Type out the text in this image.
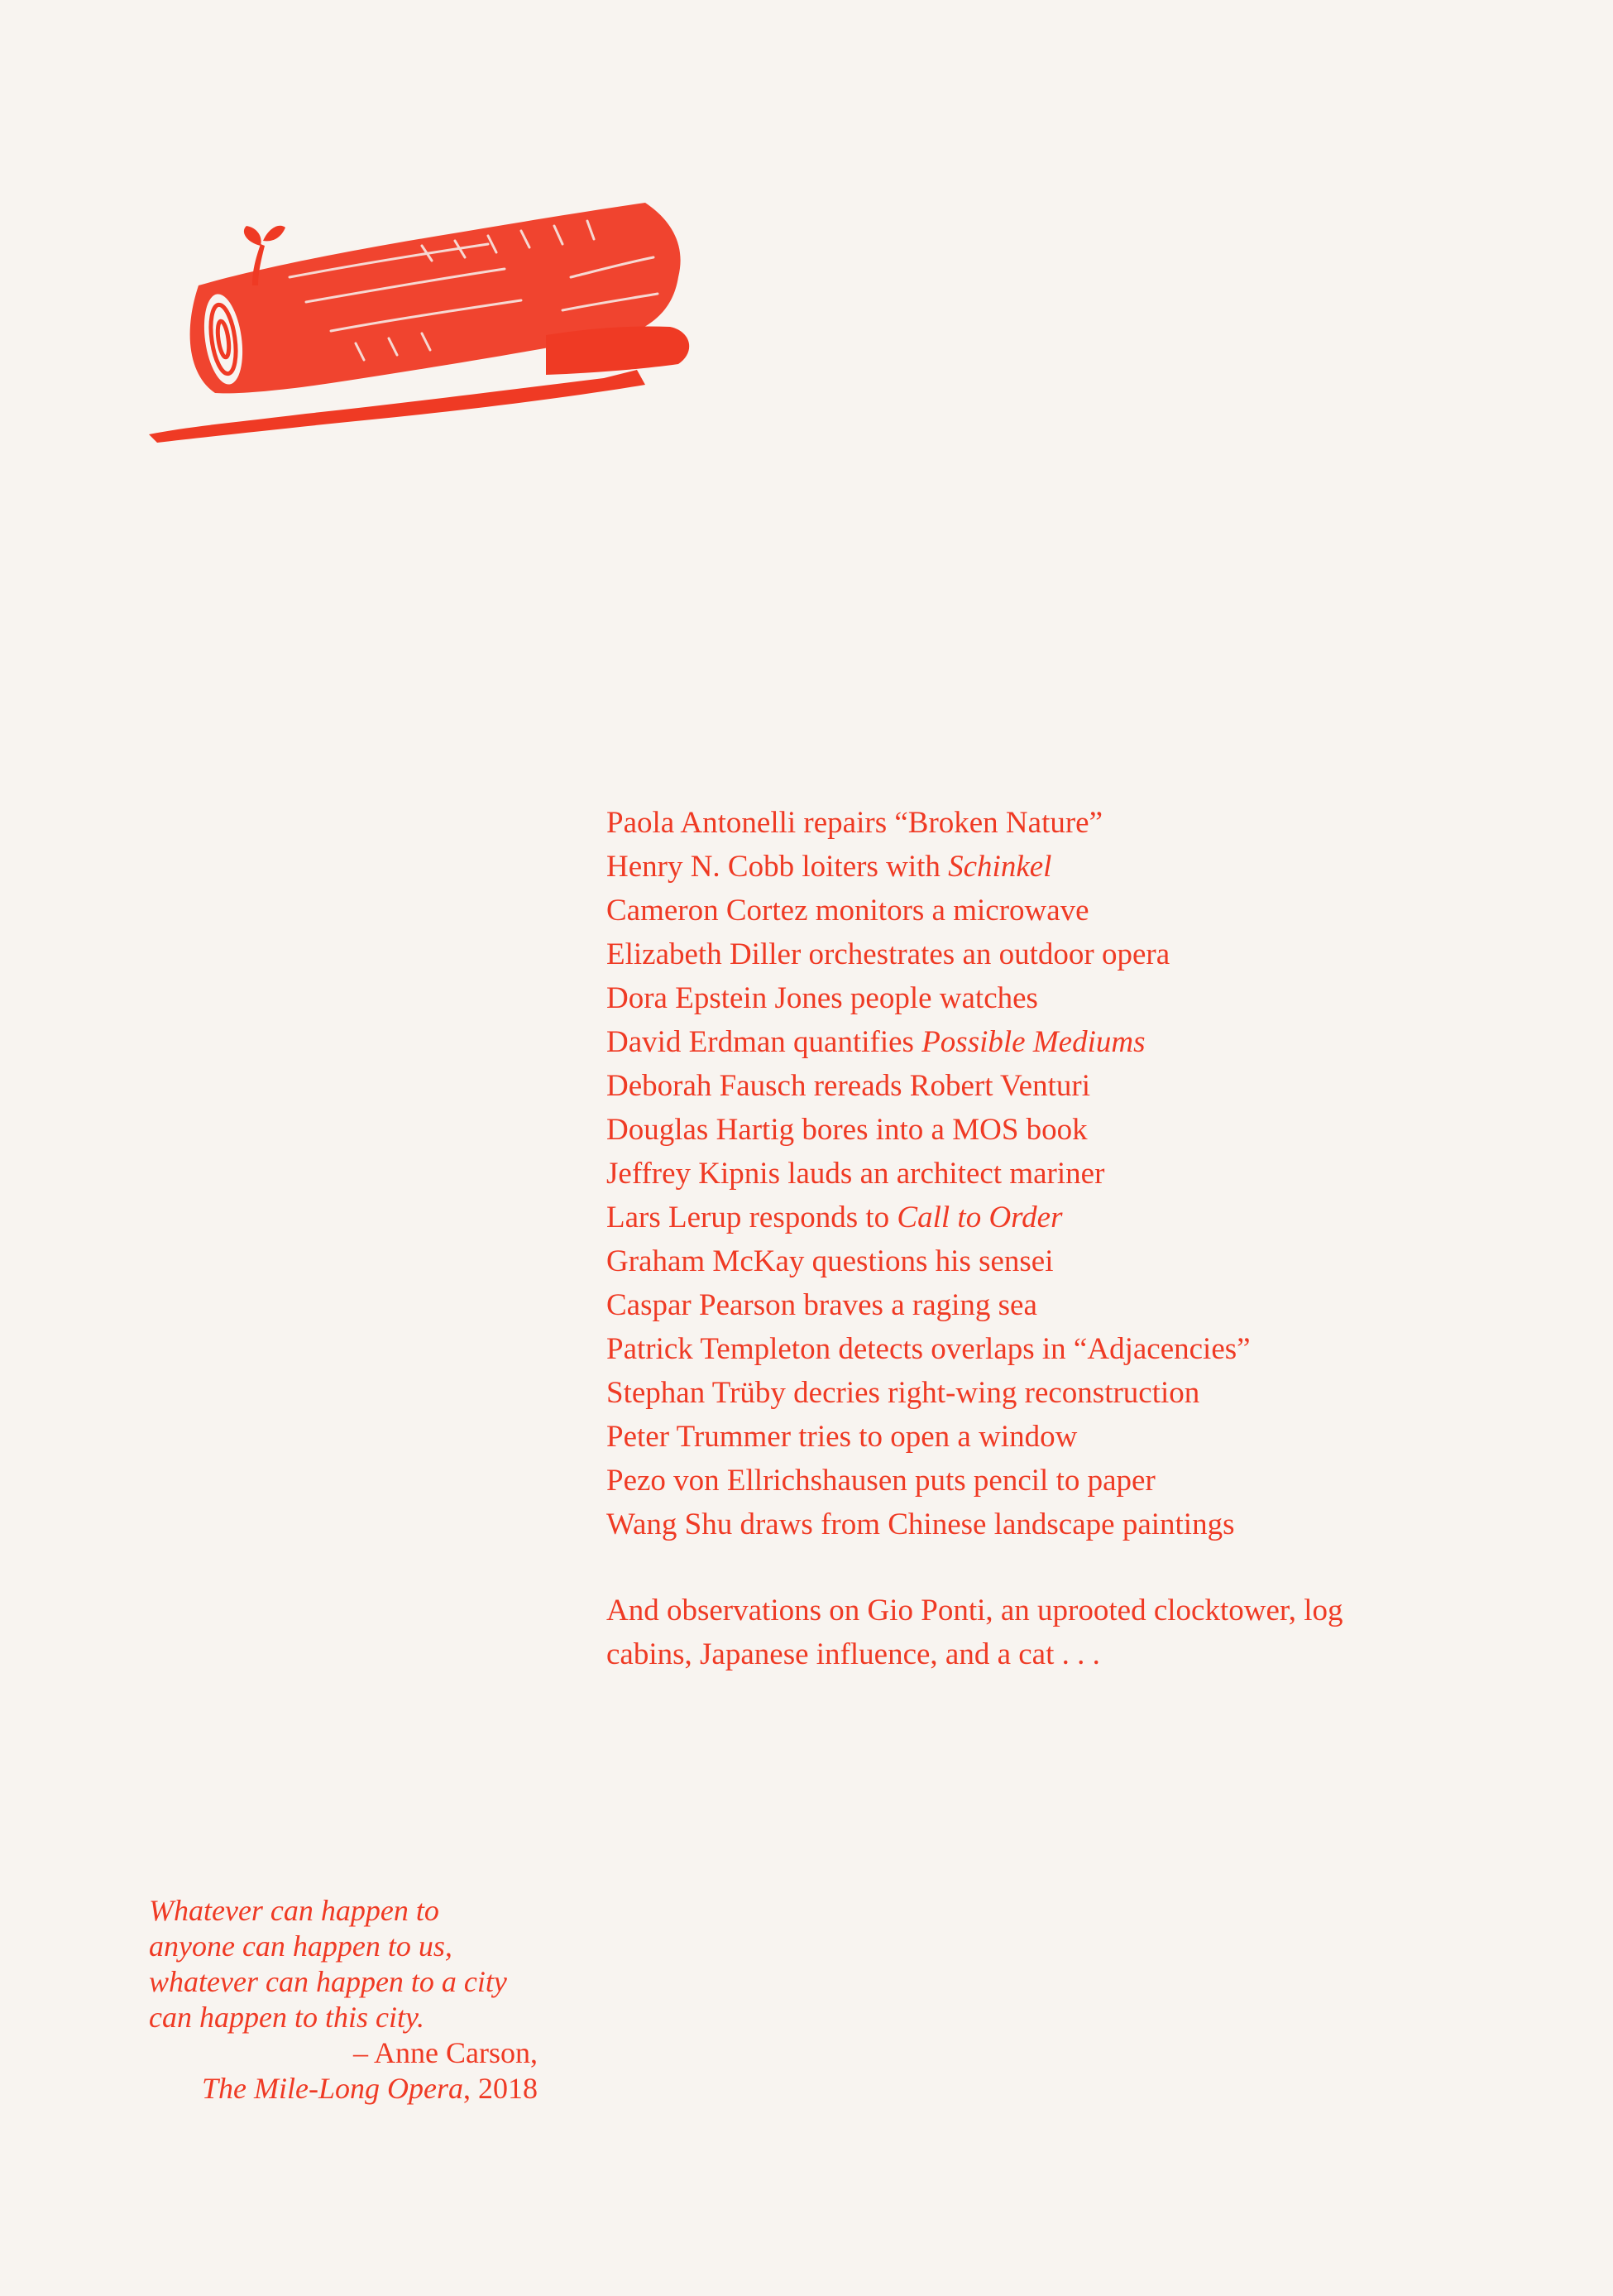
Paola Antonelli repairs “Broken Nature”
Henry N. Cobb loiters with Schinkel
Cameron Cortez monitors a microwave
Elizabeth Diller orchestrates an outdoor opera
Dora Epstein Jones people watches
David Erdman quantifies Possible Mediums
Deborah Fausch rereads Robert Venturi
Douglas Hartig bores into a MOS book
Jeffrey Kipnis lauds an architect mariner
Lars Lerup responds to Call to Order
Graham McKay questions his sensei
Caspar Pearson braves a raging sea
Patrick Templeton detects overlaps in “Adjacencies”
Stephan Trüby decries right-wing reconstruction
Peter Trummer tries to open a window
Pezo von Ellrichshausen puts pencil to paper
Wang Shu draws from Chinese landscape paintings
And observations on Gio Ponti, an uprooted clocktower, log
cabins, Japanese influence, and a cat . . .
Whatever can happen to
anyone can happen to us,
whatever can happen to a city
can happen to this city.
– Anne Carson,
The Mile-Long Opera, 2018
